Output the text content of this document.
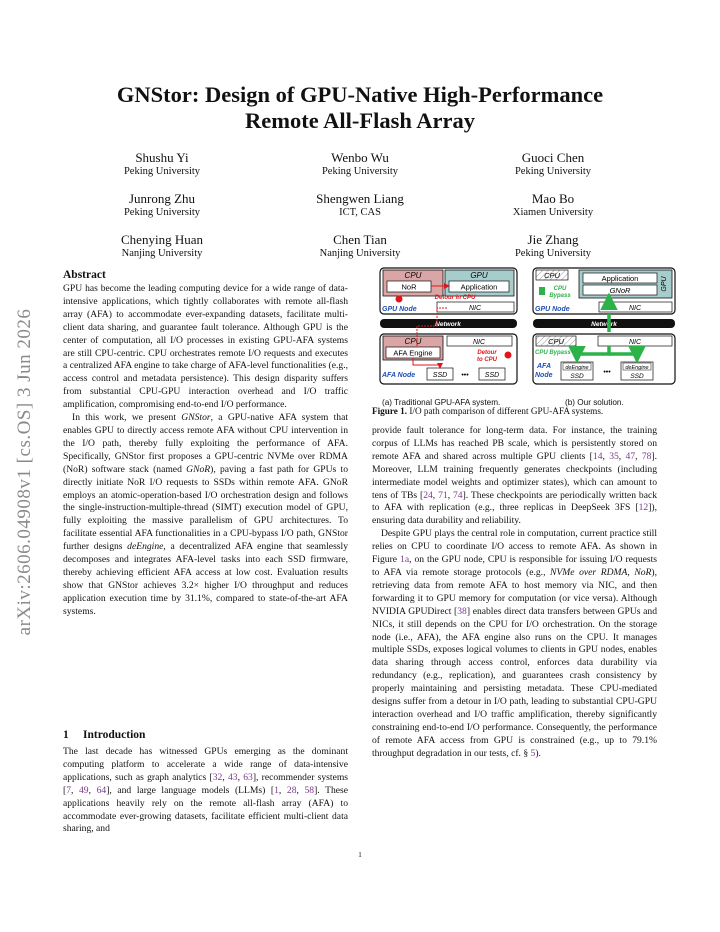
arXiv:2606.04908v1 [cs.OS] 3 Jun 2026
GNStor: Design of GPU-Native High-Performance
Remote All-Flash Array
Shushu Yi
Peking University
Wenbo Wu
Peking University
Guoci Chen
Peking University
Junrong Zhu
Peking University
Shengwen Liang
ICT, CAS
Mao Bo
Xiamen University
Chenying Huan
Nanjing University
Chen Tian
Nanjing University
Jie Zhang
Peking University
Abstract

GPU has become the leading computing device for a wide range of data-intensive applications, which tightly collaborates with remote all-flash array (AFA) to accommodate ever-expanding datasets, facilitate multi-client data sharing, and guarantee fault tolerance. Although GPU is the center of computation, all I/O processes in existing GPU-AFA systems are still CPU-centric. CPU orchestrates remote I/O requests and executes a centralized AFA engine to take charge of AFA-level functionalities (e.g., access control and metadata persistence). This design disparity suffers from substantial CPU-GPU interaction overhead and I/O traffic amplification, compromising end-to-end I/O performance.

In this work, we present GNStor, a GPU-native AFA system that enables GPU to directly access remote AFA without CPU intervention in the I/O path, thereby fully exploiting the performance of AFA. Specifically, GNStor first proposes a GPU-centric NVMe over RDMA (NoR) software stack (named GNoR), paving a fast path for GPUs to directly initiate NoR I/O requests to SSDs within remote AFA. GNoR employs an atomic-operation-based I/O orchestration design and follows the single-instruction-multiple-thread (SIMT) execution model of GPU, fully exploiting the massive parallelism of GPU architectures. To facilitate essential AFA functionalities in a CPU-bypass I/O path, GNStor further designs deEngine, a decentralized AFA engine that seamlessly decomposes and integrates AFA-level tasks into each SSD firmware, thereby achieving efficient AFA access at low cost. Evaluation results show that GNStor achieves 3.2× higher I/O throughput and reduces application execution time by 31.1%, compared to state-of-the-art AFA systems.

1 Introduction

The last decade has witnessed GPUs emerging as the dominant computing platform to accelerate a wide range of data-intensive applications, such as graph analytics [32, 43, 63], recommender systems [7, 49, 64], and large language models (LLMs) [1, 28, 58]. These applications heavily rely on the remote all-flash array (AFA) to accommodate ever-growing datasets, facilitate efficient multi-client data sharing, and

CPU	GPU
NoR	Application
Detour in CPU
GPU Node	NIC
Network
CPU
AFA Engine
NIC
Detour
to CPU
AFA Node	SSD ••• SSD
CPU
CPU
Bypass
GPU
Application
GNoR
GPU Node	NIC
Network
CPU	NIC
CPU Bypass
AFA
Node
deEngine
SSD
•••
deEngine
SSD
(a) Traditional GPU-AFA system.	(b) Our solution.
Figure 1. I/O path comparison of different GPU-AFA systems.

provide fault tolerance for long-term data. For instance, the training corpus of LLMs has reached PB scale, which is persistently stored on remote AFA and shared across multiple GPU clients [14, 35, 47, 78]. Moreover, LLM training frequently generates checkpoints (including intermediate model weights and optimizer states), which can amount to tens of TBs [24, 71, 74]. These checkpoints are periodically written back to AFA with replication (e.g., three replicas in DeepSeek 3FS [12]), ensuring data durability and reliability.

Despite GPU plays the central role in computation, current practice still relies on CPU to coordinate I/O access to remote AFA. As shown in Figure 1a, on the GPU node, CPU is responsible for issuing I/O requests to AFA via remote storage protocols (e.g., NVMe over RDMA, NoR), retrieving data from remote AFA to host memory via NIC, and then forwarding it to GPU memory for computation (or vice versa). Although NVIDIA GPUDirect [38] enables direct data transfers between GPUs and NICs, it still depends on the CPU for I/O orchestration. On the storage node (i.e., AFA), the AFA engine also runs on the CPU. It manages multiple SSDs, exposes logical volumes to clients in GPU nodes, enables data sharing through access control, enforces data durability via redundancy (e.g., replication), and guarantees crash consistency by properly maintaining and persisting metadata. These CPU-mediated designs suffer from a detour in I/O path, leading to substantial CPU-GPU interaction overhead and I/O traffic amplification, thereby significantly constraining end-to-end I/O performance. Consequently, the performance of remote AFA access from GPU is constrained (e.g., up to 79.1% throughput degradation in our tests, cf. § 5).

1
